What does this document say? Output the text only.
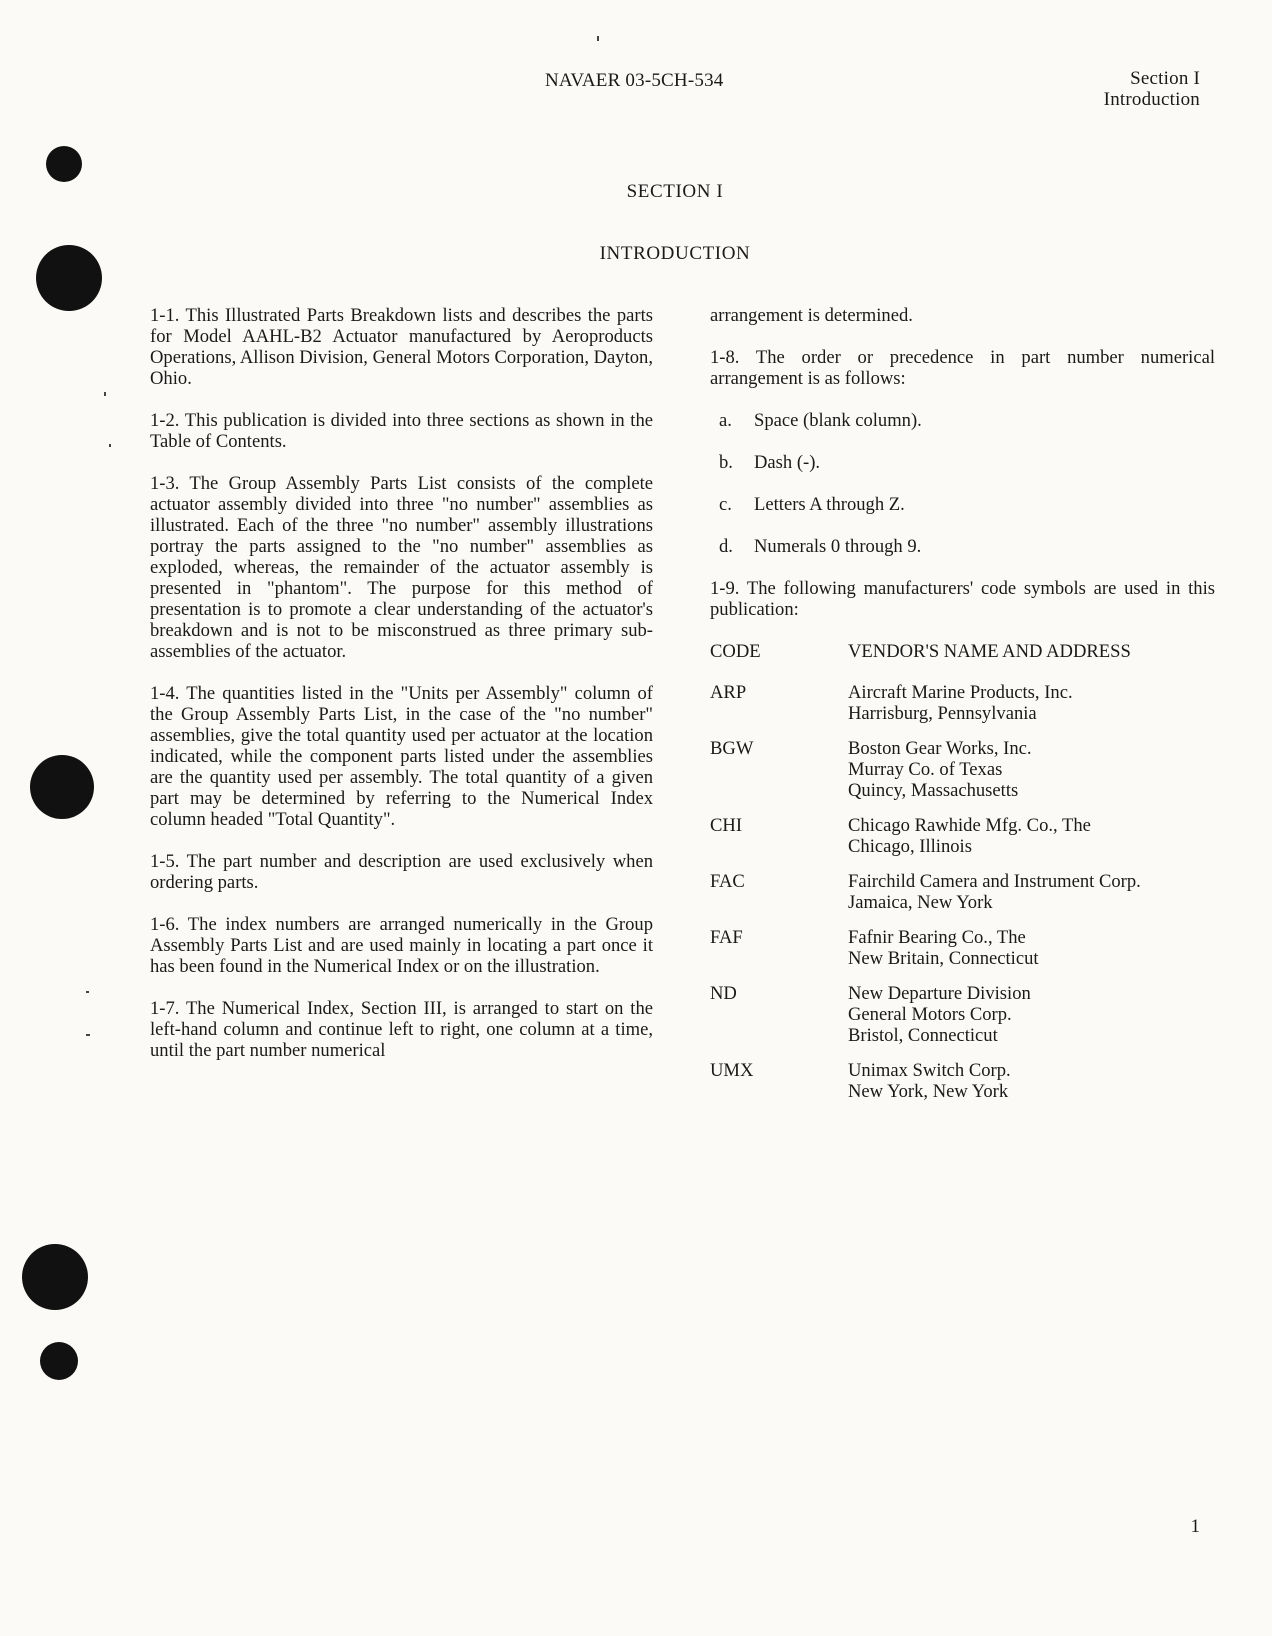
NAVAER 03-5CH-534	Section I
Introduction
SECTION I
INTRODUCTION

1-1. This Illustrated Parts Breakdown lists and describes the parts for Model AAHL-B2 Actuator manufactured by Aeroproducts Operations, Allison Division, General Motors Corporation, Dayton, Ohio.

1-2. This publication is divided into three sections as shown in the Table of Contents.

1-3. The Group Assembly Parts List consists of the complete actuator assembly divided into three "no number" assemblies as illustrated. Each of the three "no number" assembly illustrations portray the parts assigned to the "no number" assemblies as exploded, whereas, the remainder of the actuator assembly is presented in "phantom". The purpose for this method of presentation is to promote a clear understanding of the actuator's breakdown and is not to be misconstrued as three primary sub-assemblies of the actuator.

1-4. The quantities listed in the "Units per Assembly" column of the Group Assembly Parts List, in the case of the "no number" assemblies, give the total quantity used per actuator at the location indicated, while the component parts listed under the assemblies are the quantity used per assembly. The total quantity of a given part may be determined by referring to the Numerical Index column headed "Total Quantity".

1-5. The part number and description are used exclusively when ordering parts.

1-6. The index numbers are arranged numerically in the Group Assembly Parts List and are used mainly in locating a part once it has been found in the Numerical Index or on the illustration.

1-7. The Numerical Index, Section III, is arranged to start on the left-hand column and continue left to right, one column at a time, until the part number numerical

arrangement is determined.

1-8. The order or precedence in part number numerical arrangement is as follows:

a. Space (blank column).
b. Dash (-).
c. Letters A through Z.
d. Numerals 0 through 9.

1-9. The following manufacturers' code symbols are used in this publication:

CODE	VENDOR'S NAME AND ADDRESS
ARP	Aircraft Marine Products, Inc.
Harrisburg, Pennsylvania

BGW	Boston Gear Works, Inc.
Murray Co. of Texas
Quincy, Massachusetts

CHI	Chicago Rawhide Mfg. Co., The
Chicago, Illinois

FAC	Fairchild Camera and Instrument Corp.
Jamaica, New York

FAF	Fafnir Bearing Co., The
New Britain, Connecticut

ND	New Departure Division
General Motors Corp.
Bristol, Connecticut

UMX	Unimax Switch Corp.
New York, New York
1
